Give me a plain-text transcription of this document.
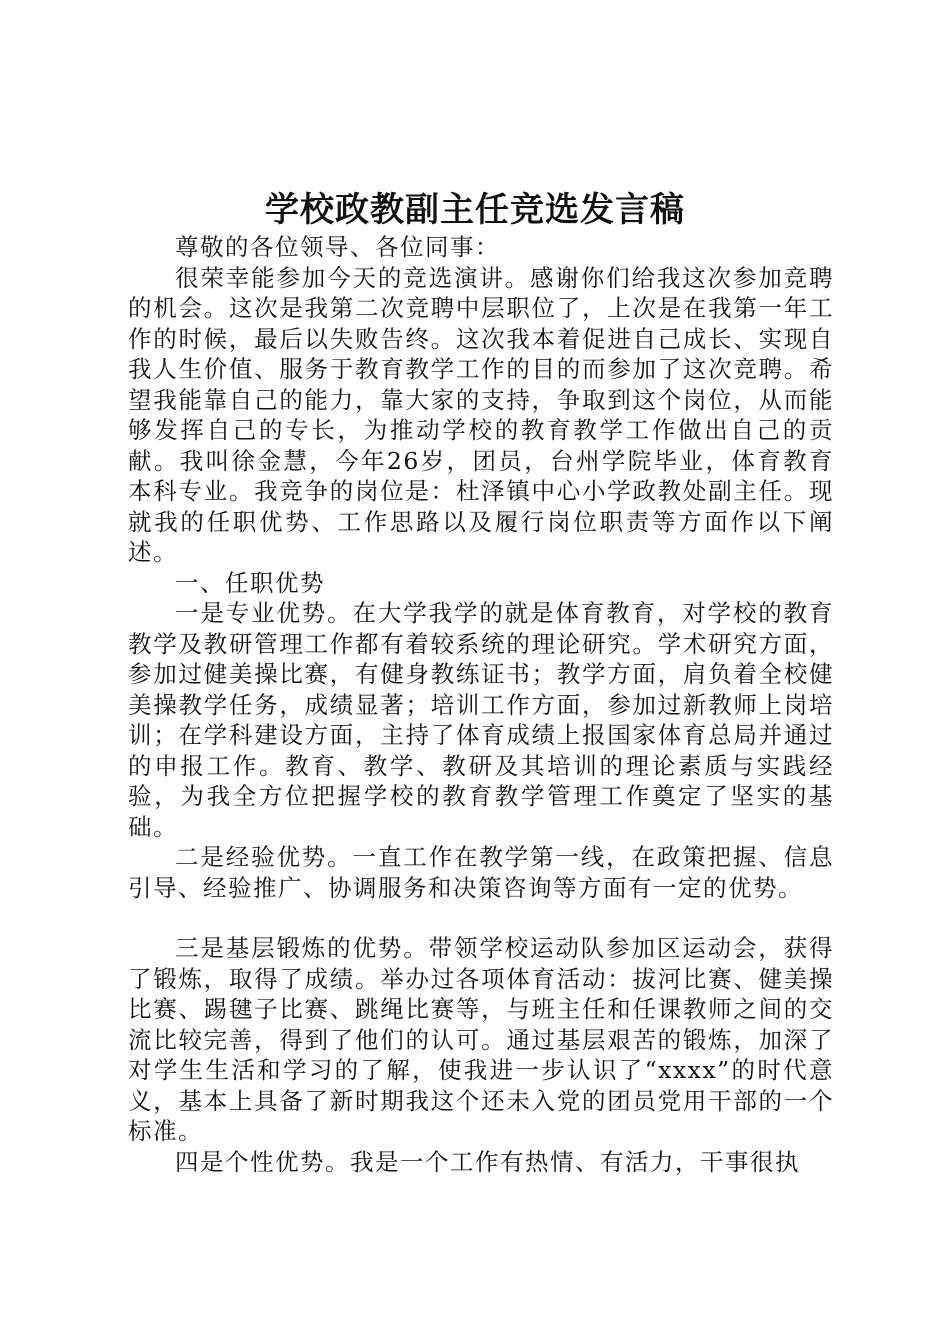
学校政教副主任竞选发言稿

尊敬的各位领导、各位同事：

很荣幸能参加今天的竞选演讲。感谢你们给我这次参加竞聘的机会。这次是我第二次竞聘中层职位了，上次是在我第一年工作的时候，最后以失败告终。这次我本着促进自己成长、实现自我人生价值、服务于教育教学工作的目的而参加了这次竞聘。希望我能靠自己的能力，靠大家的支持，争取到这个岗位，从而能够发挥自己的专长，为推动学校的教育教学工作做出自己的贡献。我叫徐金慧，今年26岁，团员，台州学院毕业，体育教育本科专业。我竞争的岗位是：杜泽镇中心小学政教处副主任。现就我的任职优势、工作思路以及履行岗位职责等方面作以下阐述。

一、任职优势

一是专业优势。在大学我学的就是体育教育，对学校的教育教学及教研管理工作都有着较系统的理论研究。学术研究方面，参加过健美操比赛，有健身教练证书；教学方面，肩负着全校健美操教学任务，成绩显著；培训工作方面，参加过新教师上岗培训；在学科建设方面，主持了体育成绩上报国家体育总局并通过的申报工作。教育、教学、教研及其培训的理论素质与实践经验，为我全方位把握学校的教育教学管理工作奠定了坚实的基础。

二是经验优势。一直工作在教学第一线，在政策把握、信息引导、经验推广、协调服务和决策咨询等方面有一定的优势。

三是基层锻炼的优势。带领学校运动队参加区运动会，获得了锻炼，取得了成绩。举办过各项体育活动：拔河比赛、健美操比赛、踢毽子比赛、跳绳比赛等，与班主任和任课教师之间的交流比较完善，得到了他们的认可。通过基层艰苦的锻炼，加深了对学生生活和学习的了解，使我进一步认识了“xxxx”的时代意义，基本上具备了新时期我这个还未入党的团员党用干部的一个标准。

四是个性优势。我是一个工作有热情、有活力，干事很执
